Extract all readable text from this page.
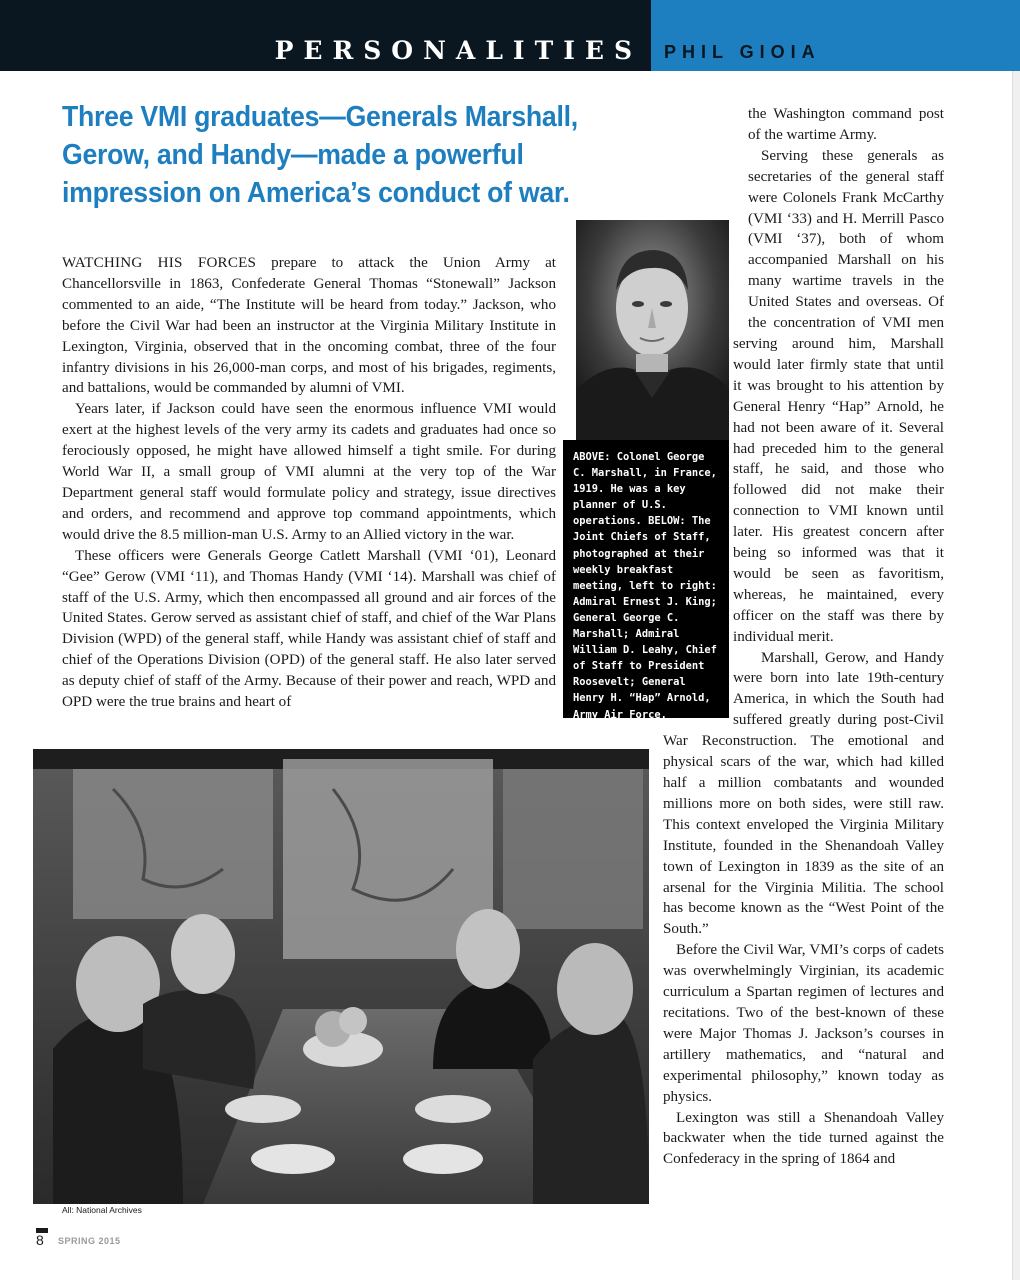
PERSONALITIES PHIL GIOIA
Three VMI graduates—Generals Marshall, Gerow, and Handy—made a powerful impression on America’s conduct of war.

WATCHING HIS FORCES prepare to attack the Union Army at Chancellorsville in 1863, Confederate General Thomas “Stonewall” Jackson commented to an aide, “The Institute will be heard from today.” Jackson, who before the Civil War had been an instructor at the Virginia Military Institute in Lexington, Virginia, observed that in the oncoming combat, three of the four infantry divisions in his 26,000-man corps, and most of his brigades, regiments, and battalions, would be commanded by alumni of VMI.

Years later, if Jackson could have seen the enormous influence VMI would exert at the highest levels of the very army its cadets and graduates had once so ferociously opposed, he might have allowed himself a tight smile. For during World War II, a small group of VMI alumni at the very top of the War Department general staff would formulate policy and strategy, issue directives and orders, and recommend and approve top command appointments, which would drive the 8.5 million-man U.S. Army to an Allied victory in the war.

These officers were Generals George Catlett Marshall (VMI ‘01), Leonard “Gee” Gerow (VMI ‘11), and Thomas Handy (VMI ‘14). Marshall was chief of staff of the U.S. Army, which then encompassed all ground and air forces of the United States. Gerow served as assistant chief of staff, and chief of the War Plans Division (WPD) of the general staff, while Handy was assistant chief of staff and chief of the Operations Division (OPD) of the general staff. He also later served as deputy chief of staff of the Army. Because of their power and reach, WPD and OPD were the true brains and heart of

the Washington command post of the wartime Army.

Serving these generals as secretaries of the general staff were Colonels Frank McCarthy (VMI ‘33) and H. Merrill Pasco (VMI ‘37), both of whom accompanied Marshall on his many wartime travels in the United States and overseas. Of the concentration of VMI men serving around him, Marshall would later firmly state that until it was brought to his attention by General Henry “Hap” Arnold, he had not been aware of it. Several had preceded him to the general staff, he said, and those who followed did not make their connection to VMI known until later. His greatest concern after being so informed was that it would be seen as favoritism, whereas, he maintained, every officer on the staff was there by individual merit.

Marshall, Gerow, and Handy were born into late 19th-century America, in which the South had suffered greatly during post-Civil War Reconstruction. The emotional and physical scars of the war, which had killed half a million combatants and wounded millions more on both sides, were still raw. This context enveloped the Virginia Military Institute, founded in the Shenandoah Valley town of Lexington in 1839 as the site of an arsenal for the Virginia Militia. The school has become known as the “West Point of the South.”

Before the Civil War, VMI’s corps of cadets was overwhelmingly Virginian, its academic curriculum a Spartan regimen of lectures and recitations. Two of the best-known of these were Major Thomas J. Jackson’s courses in artillery mathematics, and “natural and experimental philosophy,” known today as physics.

Lexington was still a Shenandoah Valley backwater when the tide turned against the Confederacy in the spring of 1864 and

ABOVE: Colonel George C. Marshall, in France, 1919. He was a key planner of U.S. operations. BELOW: The Joint Chiefs of Staff, photographed at their weekly breakfast meeting, left to right: Admiral Ernest J. King; General George C. Marshall; Admiral William D. Leahy, Chief of Staff to President Roosevelt; General Henry H. “Hap” Arnold, Army Air Force.

All: National Archives
8 SPRING 2015
